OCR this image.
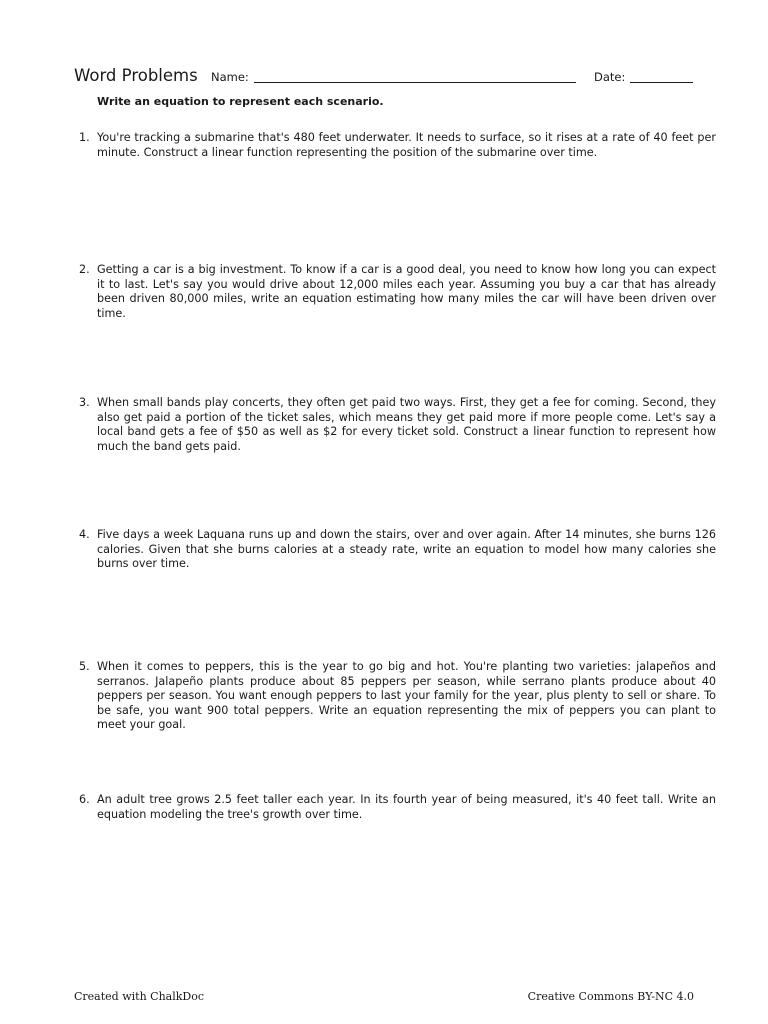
Word Problems Name:	Date:
Write an equation to represent each scenario.
1. You're tracking a submarine that's 480 feet underwater. It needs to surface, so it rises at a rate of 40 feet per minute. Construct a linear function representing the position of the submarine over time.
2. Getting a car is a big investment. To know if a car is a good deal, you need to know how long you can expect it to last. Let's say you would drive about 12,000 miles each year. Assuming you buy a car that has already been driven 80,000 miles, write an equation estimating how many miles the car will have been driven over time.
3. When small bands play concerts, they often get paid two ways. First, they get a fee for coming. Second, they also get paid a portion of the ticket sales, which means they get paid more if more people come. Let's say a local band gets a fee of $50 as well as $2 for every ticket sold. Construct a linear function to represent how much the band gets paid.
4. Five days a week Laquana runs up and down the stairs, over and over again. After 14 minutes, she burns 126 calories. Given that she burns calories at a steady rate, write an equation to model how many calories she burns over time.
5. When it comes to peppers, this is the year to go big and hot. You're planting two varieties: jalapeños and serranos. Jalapeño plants produce about 85 peppers per season, while serrano plants produce about 40 peppers per season. You want enough peppers to last your family for the year, plus plenty to sell or share. To be safe, you want 900 total peppers. Write an equation representing the mix of peppers you can plant to meet your goal.
6. An adult tree grows 2.5 feet taller each year. In its fourth year of being measured, it's 40 feet tall. Write an equation modeling the tree's growth over time.
Created with ChalkDoc	Creative Commons BY-NC 4.0
